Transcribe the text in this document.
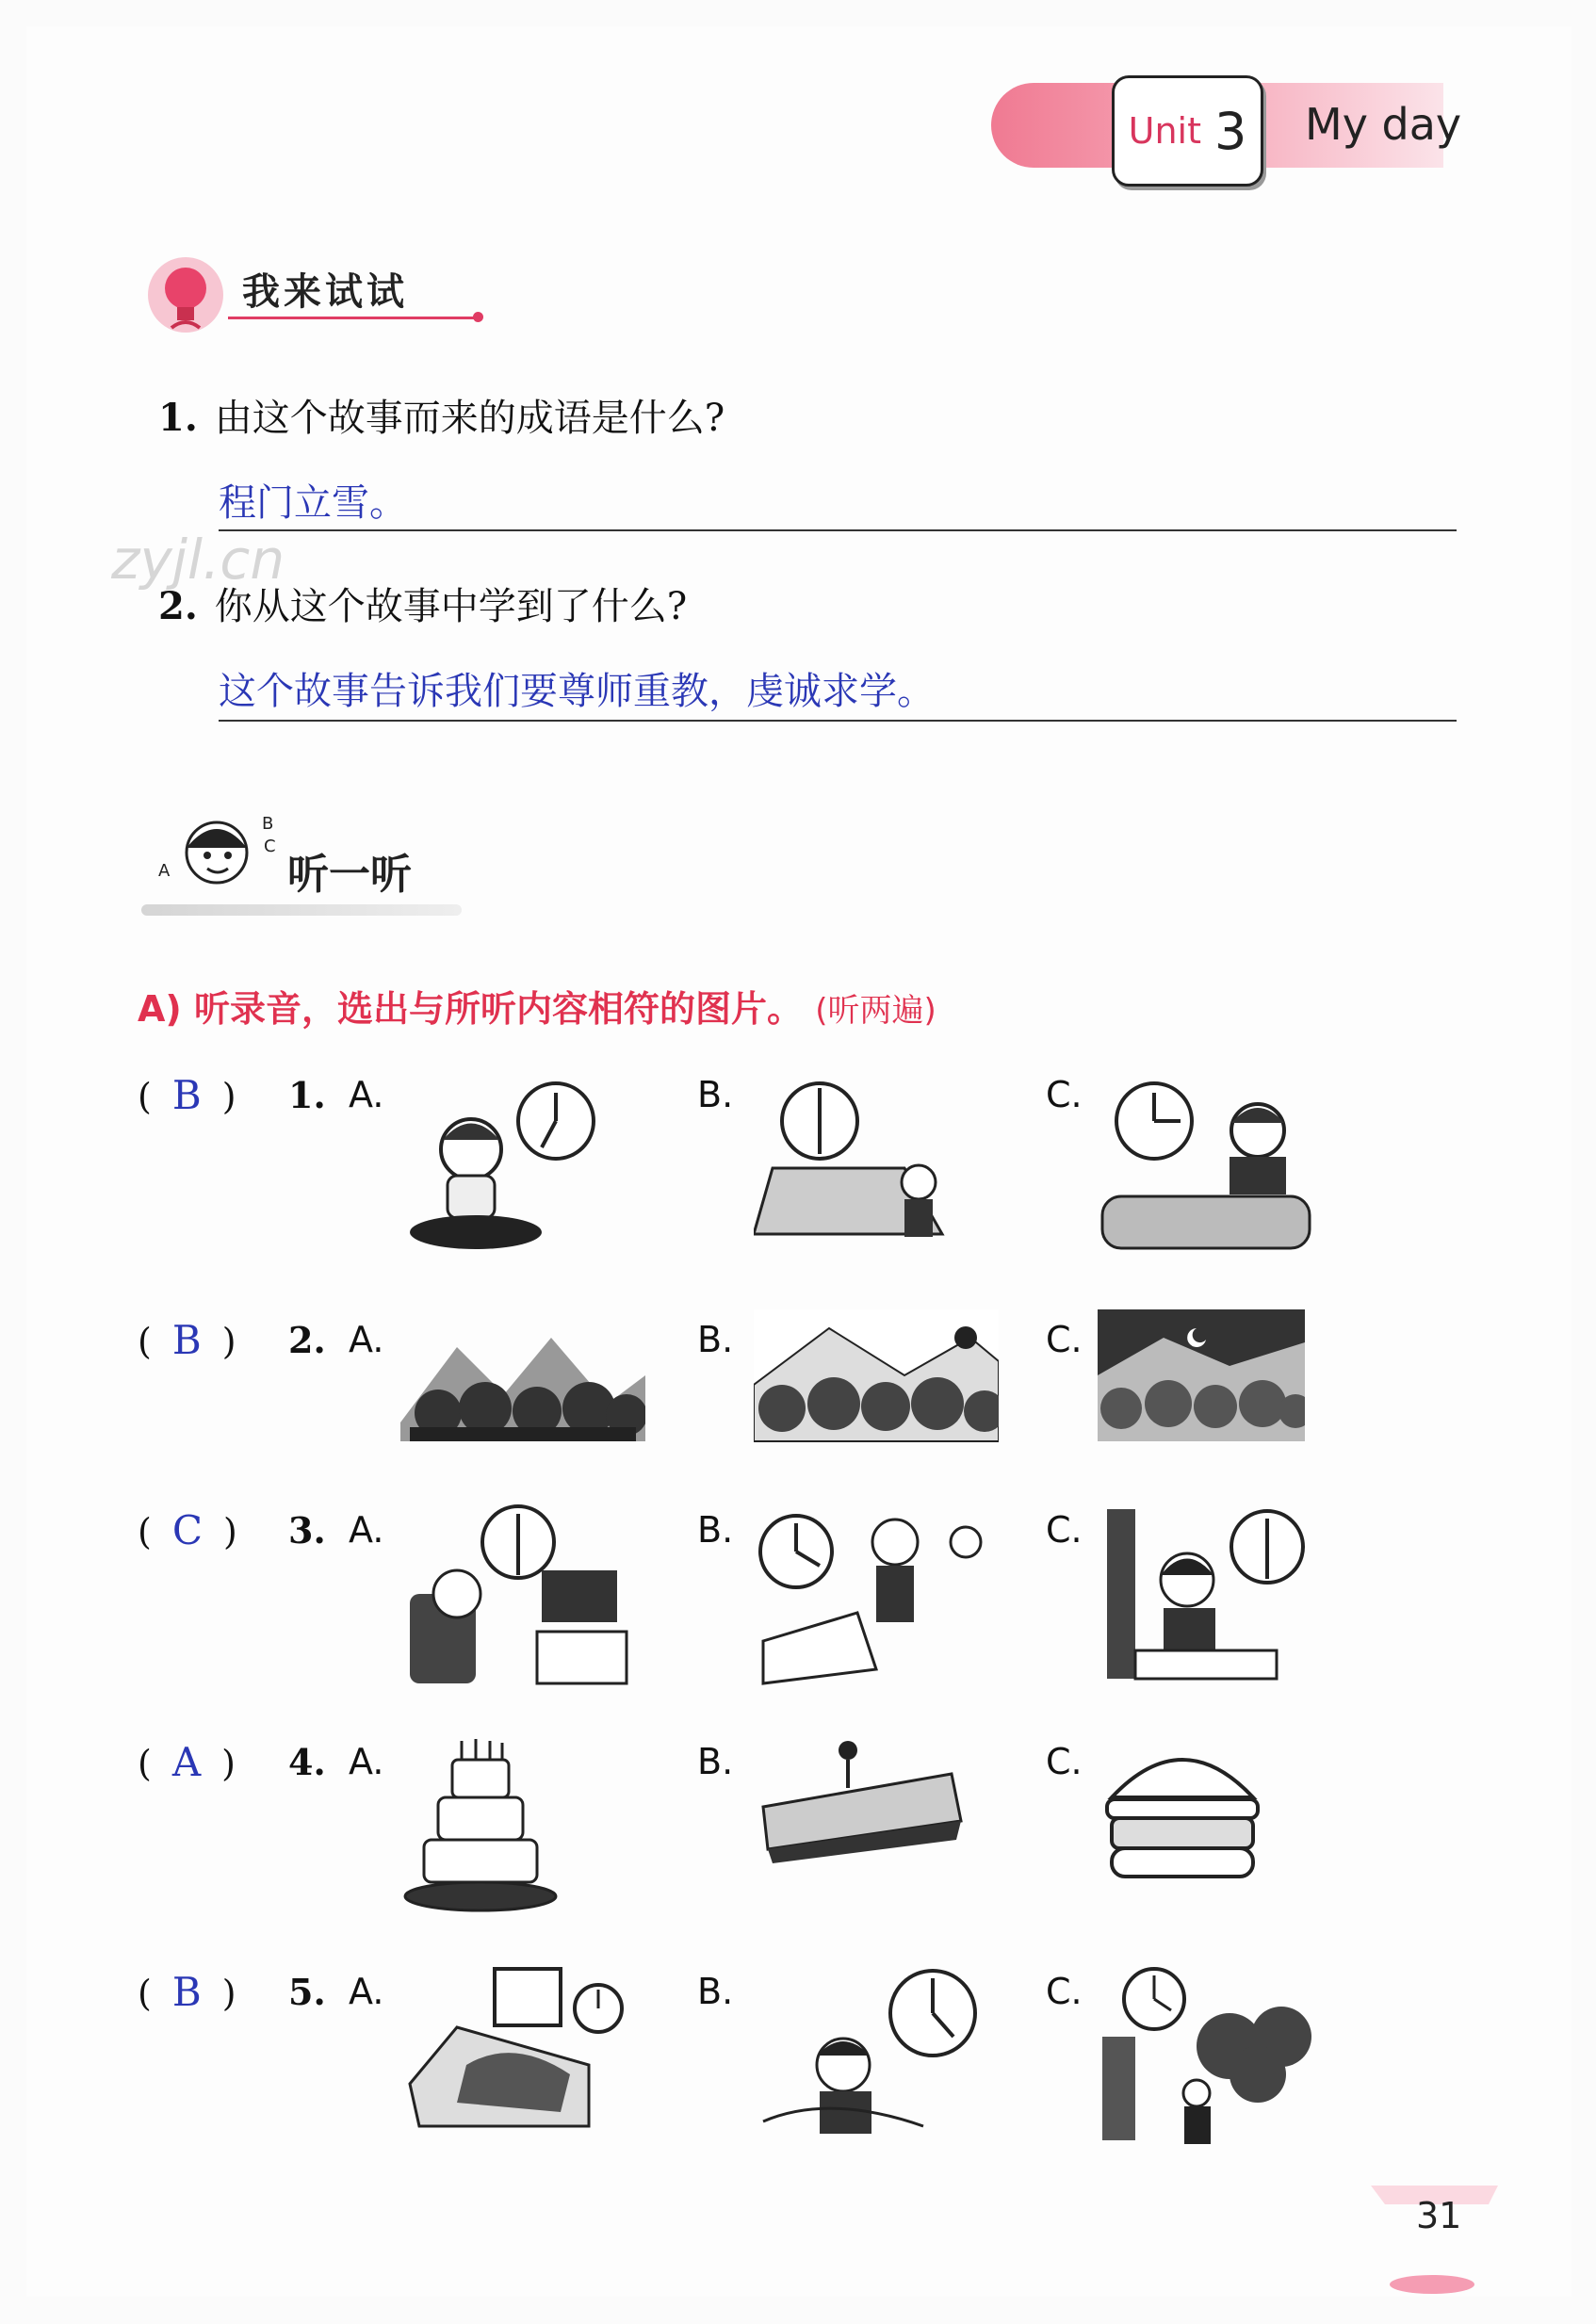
Unit 3 My day
我来试试
1. 由这个故事而来的成语是什么?
程门立雪。
zyjl.cn
2. 你从这个故事中学到了什么?
这个故事告诉我们要尊师重教，虔诚求学。
B
C
A	听一听
A) 听录音，选出与所听内容相符的图片。 (听两遍)
( B ) 1. A.	B.	C.
( B ) 2. A.	B.	C.
( C ) 3. A.	B.	C.
( A ) 4. A.	B.	C.
( B ) 5. A.	B.	C.
31
